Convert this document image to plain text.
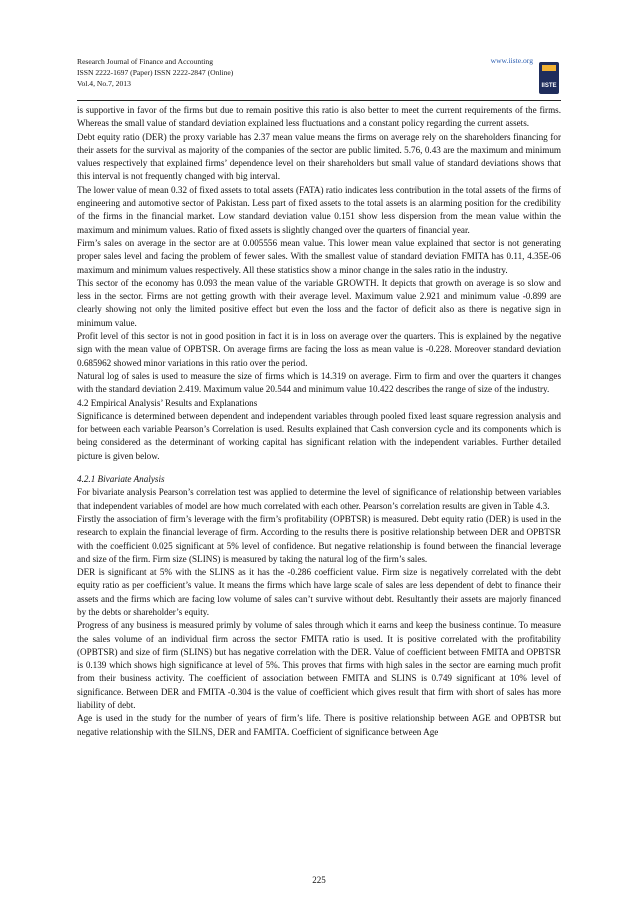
Research Journal of Finance and Accounting
ISSN 2222-1697 (Paper) ISSN 2222-2847 (Online)
Vol.4, No.7, 2013
www.iiste.org
IISTE

is supportive in favor of the firms but due to remain positive this ratio is also better to meet the current requirements of the firms. Whereas the small value of standard deviation explained less fluctuations and a constant policy regarding the current assets.

Debt equity ratio (DER) the proxy variable has 2.37 mean value means the firms on average rely on the shareholders financing for their assets for the survival as majority of the companies of the sector are public limited. 5.76, 0.43 are the maximum and minimum values respectively that explained firms’ dependence level on their shareholders but small value of standard deviations shows that this interval is not frequently changed with big interval.

The lower value of mean 0.32 of fixed assets to total assets (FATA) ratio indicates less contribution in the total assets of the firms of engineering and automotive sector of Pakistan. Less part of fixed assets to the total assets is an alarming position for the credibility of the firms in the financial market. Low standard deviation value 0.151 show less dispersion from the mean value within the maximum and minimum values. Ratio of fixed assets is slightly changed over the quarters of financial year.

Firm’s sales on average in the sector are at 0.005556 mean value. This lower mean value explained that sector is not generating proper sales level and facing the problem of fewer sales. With the smallest value of standard deviation FMITA has 0.11, 4.35E-06 maximum and minimum values respectively. All these statistics show a minor change in the sales ratio in the industry.

This sector of the economy has 0.093 the mean value of the variable GROWTH. It depicts that growth on average is so slow and less in the sector. Firms are not getting growth with their average level. Maximum value 2.921 and minimum value -0.899 are clearly showing not only the limited positive effect but even the loss and the factor of deficit also as there is negative sign in minimum value.

Profit level of this sector is not in good position in fact it is in loss on average over the quarters. This is explained by the negative sign with the mean value of OPBTSR. On average firms are facing the loss as mean value is -0.228. Moreover standard deviation 0.685962 showed minor variations in this ratio over the period.

Natural log of sales is used to measure the size of firms which is 14.319 on average. Firm to firm and over the quarters it changes with the standard deviation 2.419. Maximum value 20.544 and minimum value 10.422 describes the range of size of the industry.

4.2 Empirical Analysis’ Results and Explanations

Significance is determined between dependent and independent variables through pooled fixed least square regression analysis and for between each variable Pearson’s Correlation is used. Results explained that Cash conversion cycle and its components which is being considered as the determinant of working capital has significant relation with the independent variables. Further detailed picture is given below.

4.2.1 Bivariate Analysis

For bivariate analysis Pearson’s correlation test was applied to determine the level of significance of relationship between variables that independent variables of model are how much correlated with each other. Pearson’s correlation results are given in Table 4.3.

Firstly the association of firm’s leverage with the firm’s profitability (OPBTSR) is measured. Debt equity ratio (DER) is used in the research to explain the financial leverage of firm. According to the results there is positive relationship between DER and OPBTSR with the coefficient 0.025 significant at 5% level of confidence. But negative relationship is found between the financial leverage and size of the firm. Firm size (SLINS) is measured by taking the natural log of the firm’s sales.

DER is significant at 5% with the SLINS as it has the -0.286 coefficient value. Firm size is negatively correlated with the debt equity ratio as per coefficient’s value. It means the firms which have large scale of sales are less dependent of debt to finance their assets and the firms which are facing low volume of sales can’t survive without debt. Resultantly their assets are majorly financed by the debts or shareholder’s equity.

Progress of any business is measured primly by volume of sales through which it earns and keep the business continue. To measure the sales volume of an individual firm across the sector FMITA ratio is used. It is positive correlated with the profitability (OPBTSR) and size of firm (SLINS) but has negative correlation with the DER. Value of coefficient between FMITA and OPBTSR is 0.139 which shows high significance at level of 5%. This proves that firms with high sales in the sector are earning much profit from their business activity. The coefficient of association between FMITA and SLINS is 0.749 significant at 10% level of significance. Between DER and FMITA -0.304 is the value of coefficient which gives result that firm with short of sales has more liability of debt.

Age is used in the study for the number of years of firm’s life. There is positive relationship between AGE and OPBTSR but negative relationship with the SILNS, DER and FAMITA. Coefficient of significance between Age

225
